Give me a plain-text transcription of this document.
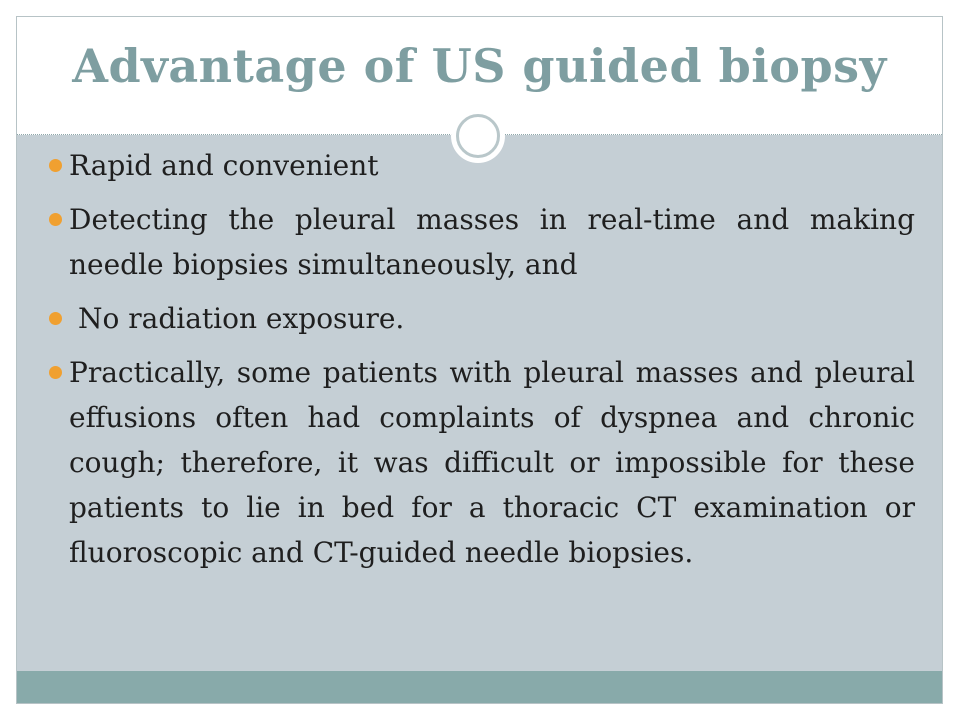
Advantage of US guided biopsy
Rapid and convenient
Detecting the pleural masses in real-time and making needle biopsies simultaneously, and
No radiation exposure.
Practically, some patients with pleural masses and pleural effusions often had complaints of dyspnea and chronic cough; therefore, it was difficult or impossible for these patients to lie in bed for a thoracic CT examination or fluoroscopic and CT-guided needle biopsies.
